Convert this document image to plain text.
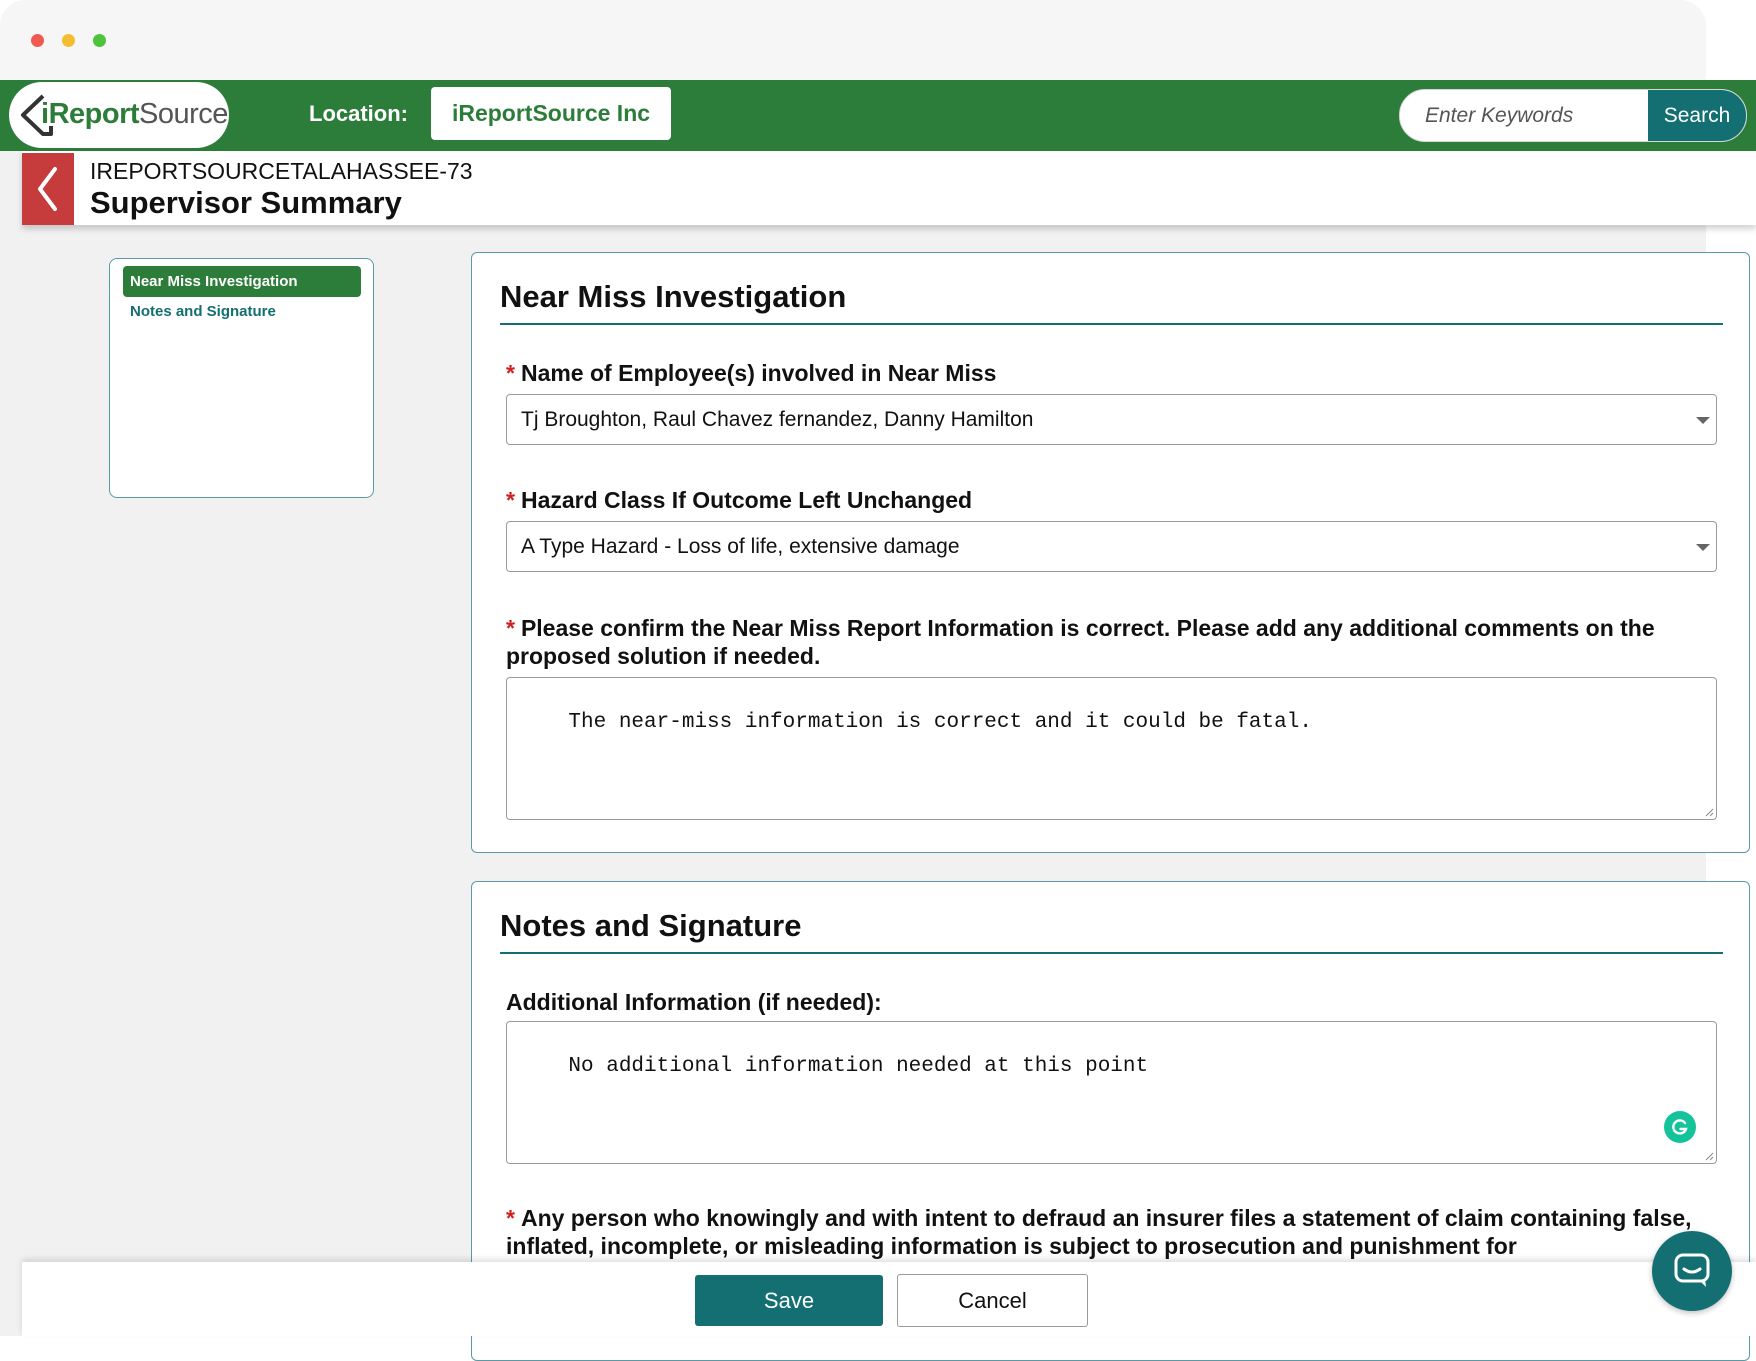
iReportSource	Location:	iReportSource Inc
Enter Keywords	Search
IREPORTSOURCETALAHASSEE-73
Supervisor Summary
Near Miss Investigation
Notes and Signature	Near Miss Investigation
* Name of Employee(s) involved in Near Miss
Tj Broughton, Raul Chavez fernandez, Danny Hamilton
* Hazard Class If Outcome Left Unchanged
A Type Hazard - Loss of life, extensive damage
* Please confirm the Near Miss Report Information is correct. Please add any additional comments on the proposed solution if needed.

The near-miss information is correct and it could be fatal.

Notes and Signature
Additional Information (if needed):

No additional information needed at this point

* Any person who knowingly and with intent to defraud an insurer files a statement of claim containing false, inflated, incomplete, or misleading information is subject to prosecution and punishment for
Save	Cancel
